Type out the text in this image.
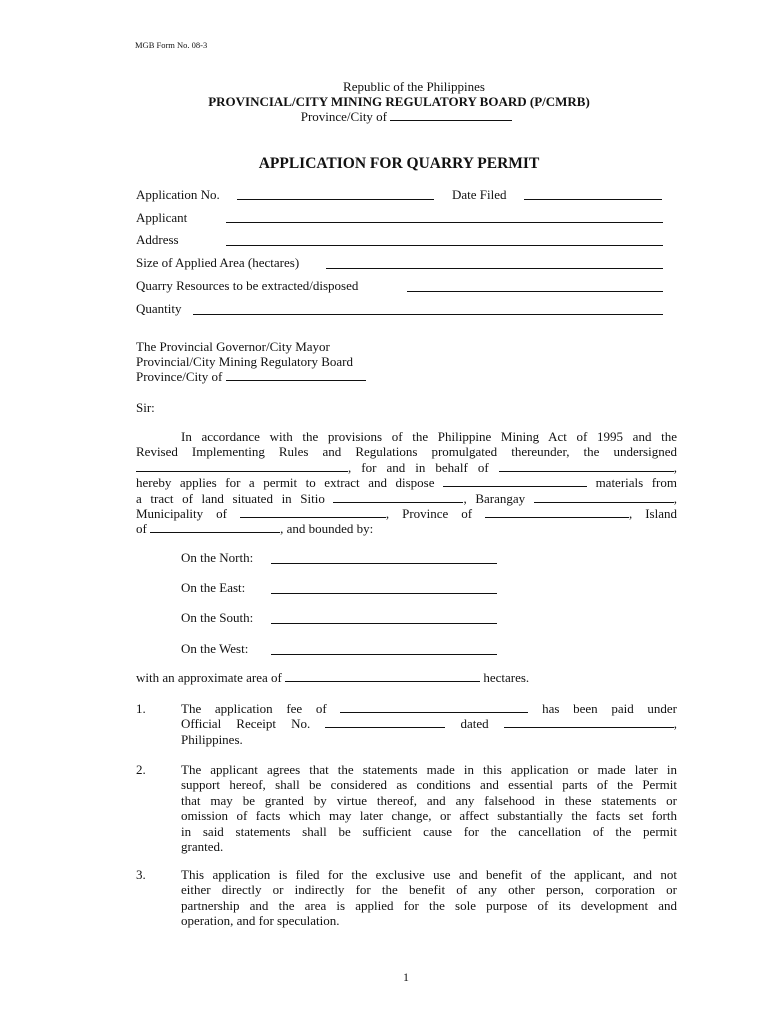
MGB Form No. 08-3
Republic of the Philippines
PROVINCIAL/CITY MINING REGULATORY BOARD (P/CMRB)
Province/City of
APPLICATION FOR QUARRY PERMIT
Application No.	Date Filed
Applicant
Address
Size of Applied Area (hectares)
Quarry Resources to be extracted/disposed
Quantity
The Provincial Governor/City Mayor
Provincial/City Mining Regulatory Board
Province/City of
Sir:
In accordance with the provisions of the Philippine Mining Act of 1995 and the
Revised Implementing Rules and Regulations promulgated thereunder, the undersigned
, for and in behalf of	,
hereby applies for a permit to extract and dispose	materials from
a tract of land situated in Sitio	, Barangay	,
Municipality of	, Province of	, Island
of	, and bounded by:
On the North:
On the East:
On the South:
On the West:
with an approximate area of	hectares.
1.	The application fee of	has been paid under
Official Receipt No.	dated	,
Philippines.
2.	The applicant agrees that the statements made in this application or made later in
support hereof, shall be considered as conditions and essential parts of the Permit
that may be granted by virtue thereof, and any falsehood in these statements or
omission of facts which may later change, or affect substantially the facts set forth
in said statements shall be sufficient cause for the cancellation of the permit
granted.
3.	This application is filed for the exclusive use and benefit of the applicant, and not
either directly or indirectly for the benefit of any other person, corporation or
partnership and the area is applied for the sole purpose of its development and
operation, and for speculation.
1
